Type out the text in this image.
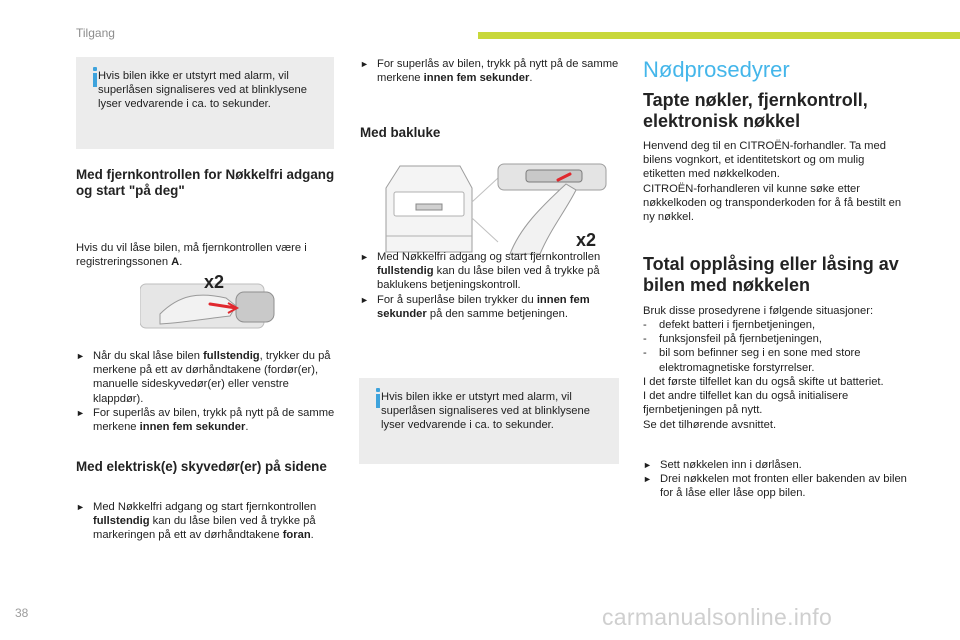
Tilgang
Hvis bilen ikke er utstyrt med alarm, vil superlåsen signaliseres ved at blinklysene lyser vedvarende i ca. to sekunder.
Med fjernkontrollen for Nøkkelfri adgang og start "på deg"

Hvis du vil låse bilen, må fjernkontrollen være i registreringssonen A.

x2
► Når du skal låse bilen fullstendig, trykker du på merkene på ett av dørhåndtakene (fordør(er), manuelle sideskyvedør(er) eller venstre klappdør).
► For superlås av bilen, trykk på nytt på de samme merkene innen fem sekunder.
Med elektrisk(e) skyvedør(er) på sidene
► Med Nøkkelfri adgang og start fjernkontrollen fullstendig kan du låse bilen ved å trykke på markeringen på ett av dørhåndtakene foran.
► For superlås av bilen, trykk på nytt på de samme merkene innen fem sekunder.
Med bakluke
x2
► Med Nøkkelfri adgang og start fjernkontrollen fullstendig kan du låse bilen ved å trykke på baklukens betjeningskontroll.
► For å superlåse bilen trykker du innen fem sekunder på den samme betjeningen.
Hvis bilen ikke er utstyrt med alarm, vil superlåsen signaliseres ved at blinklysene lyser vedvarende i ca. to sekunder.
Nødprosedyrer
Tapte nøkler, fjernkontroll, elektronisk nøkkel

Henvend deg til en CITROËN-forhandler. Ta med bilens vognkort, et identitetskort og om mulig etiketten med nøkkelkoden.
CITROËN-forhandleren vil kunne søke etter nøkkelkoden og transponderkoden for å få bestilt en ny nøkkel.

Total opplåsing eller låsing av bilen med nøkkelen

Bruk disse prosedyrene i følgende situasjoner:

- defekt batteri i fjernbetjeningen,
- funksjonsfeil på fjernbetjeningen,
- bil som befinner seg i en sone med store elektromagnetiske forstyrrelser.

I det første tilfellet kan du også skifte ut batteriet.
I det andre tilfellet kan du også initialisere fjernbetjeningen på nytt.
Se det tilhørende avsnittet.

► Sett nøkkelen inn i dørlåsen.
► Drei nøkkelen mot fronten eller bakenden av bilen for å låse eller låse opp bilen.
38	carmanualsonline.info
